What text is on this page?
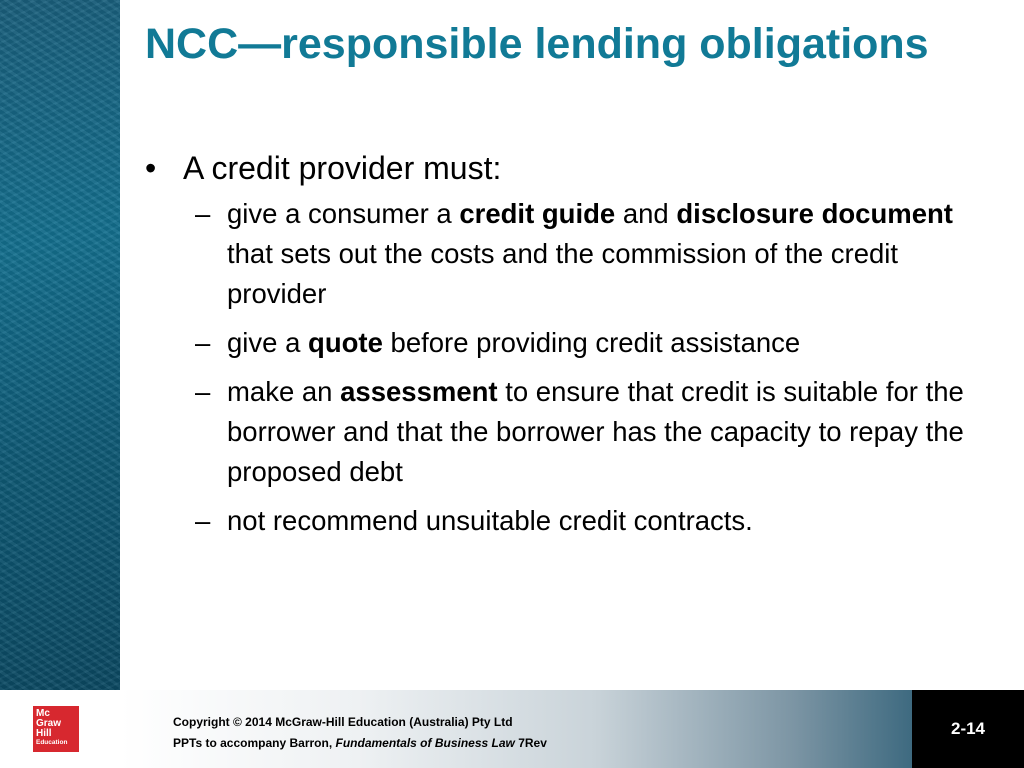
NCC—responsible lending obligations
• A credit provider must:
– give a consumer a credit guide and disclosure document that sets out the costs and the commission of the credit provider
– give a quote before providing credit assistance
– make an assessment to ensure that credit is suitable for the borrower and that the borrower has the capacity to repay the proposed debt
– not recommend unsuitable credit contracts.
Mc
Graw
Hill
Education
Copyright © 2014 McGraw-Hill Education (Australia) Pty Ltd
PPTs to accompany Barron, Fundamentals of Business Law 7Rev
2-14
